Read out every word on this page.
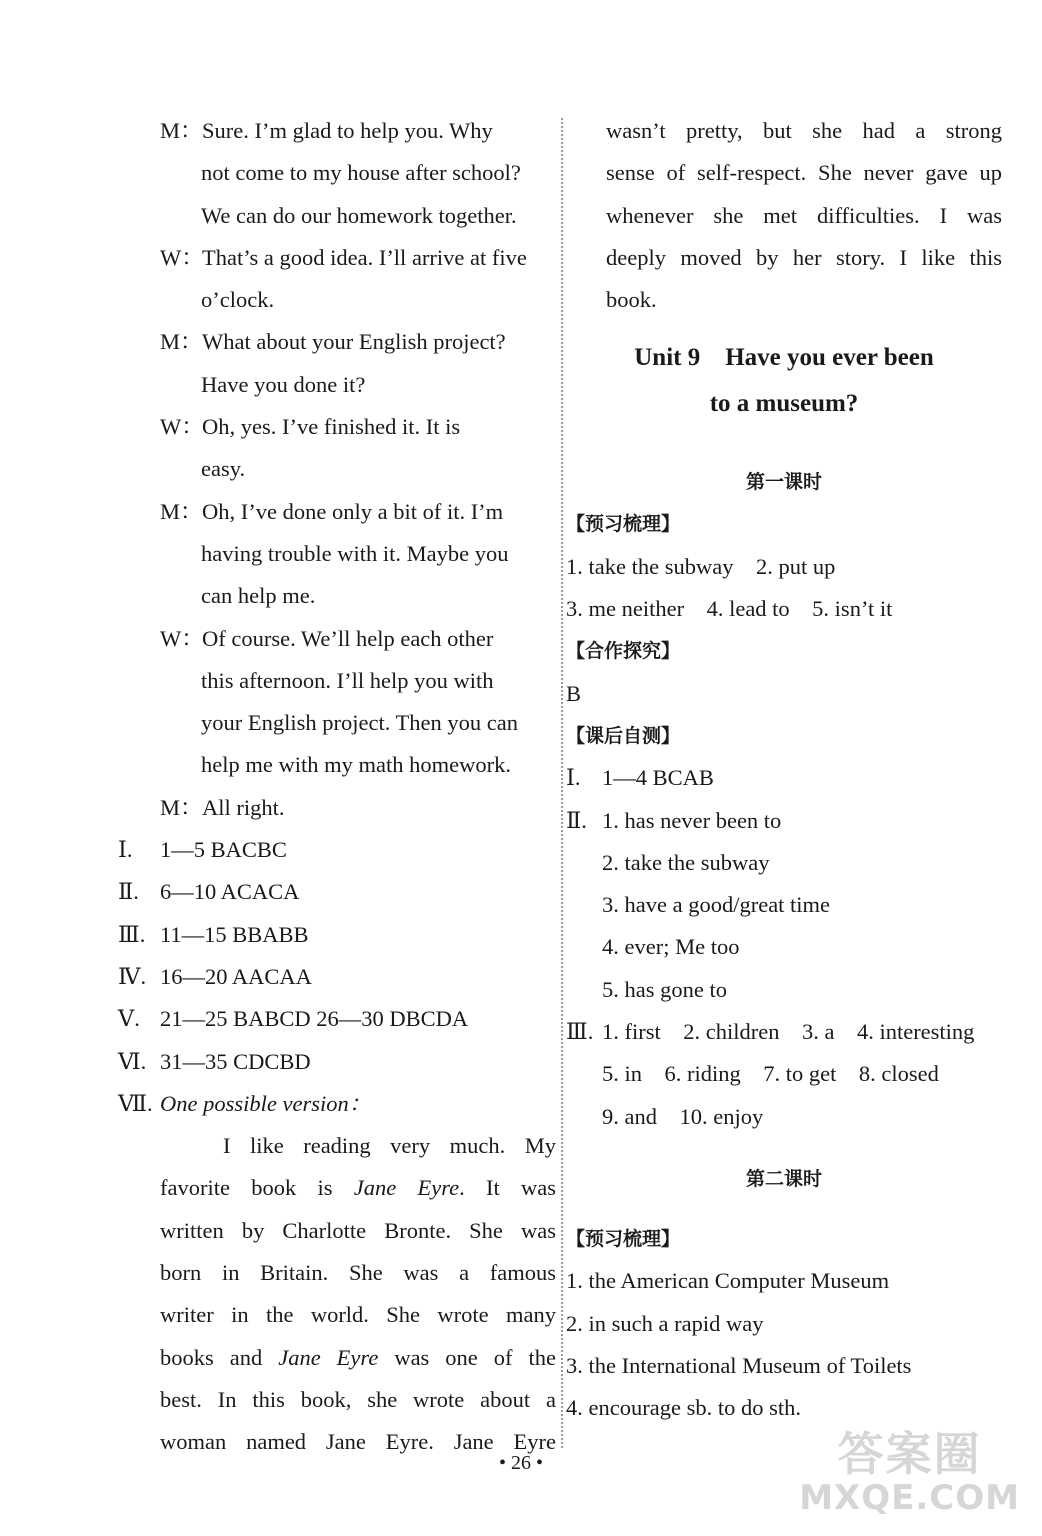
M：Sure. I’m glad to help you. Why
not come to my house after school?
We can do our homework together.
W：That’s a good idea. I’ll arrive at five
o’clock.
M：What about your English project?
Have you done it?
W：Oh, yes. I’ve finished it. It is
easy.
M：Oh, I’ve done only a bit of it. I’m
having trouble with it. Maybe you
can help me.
W：Of course. We’ll help each other
this afternoon. I’ll help you with
your English project. Then you can
help me with my math homework.
M：All right.
Ⅰ. 1—5 BACBC
Ⅱ. 6—10 ACACA
Ⅲ. 11—15 BBABB
Ⅳ. 16—20 AACAA
Ⅴ. 21—25 BABCD 26—30 DBCDA
Ⅵ. 31—35 CDCBD
Ⅶ. One possible version：
I like reading very much. My
favorite book is Jane Eyre. It was
written by Charlotte Bronte. She was
born in Britain. She was a famous
writer in the world. She wrote many
books and Jane Eyre was one of the
best. In this book, she wrote about a
woman named Jane Eyre. Jane Eyre
wasn’t pretty, but she had a strong
sense of self-respect. She never gave up
whenever she met difficulties. I was
deeply moved by her story. I like this
book.
Unit 9    Have you ever been
to a museum?
第一课时
【预习梳理】
1. take the subway    2. put up
3. me neither    4. lead to    5. isn’t it
【合作探究】
B
【课后自测】
Ⅰ. 1—4 BCAB
Ⅱ. 1. has never been to
2. take the subway
3. have a good/great time
4. ever; Me too
5. has gone to
Ⅲ. 1. first    2. children    3. a    4. interesting
5. in    6. riding    7. to get    8. closed
9. and    10. enjoy
第二课时
【预习梳理】
1. the American Computer Museum
2. in such a rapid way
3. the International Museum of Toilets
4. encourage sb. to do sth.
• 26 •	答案圈
MXQE.COM
